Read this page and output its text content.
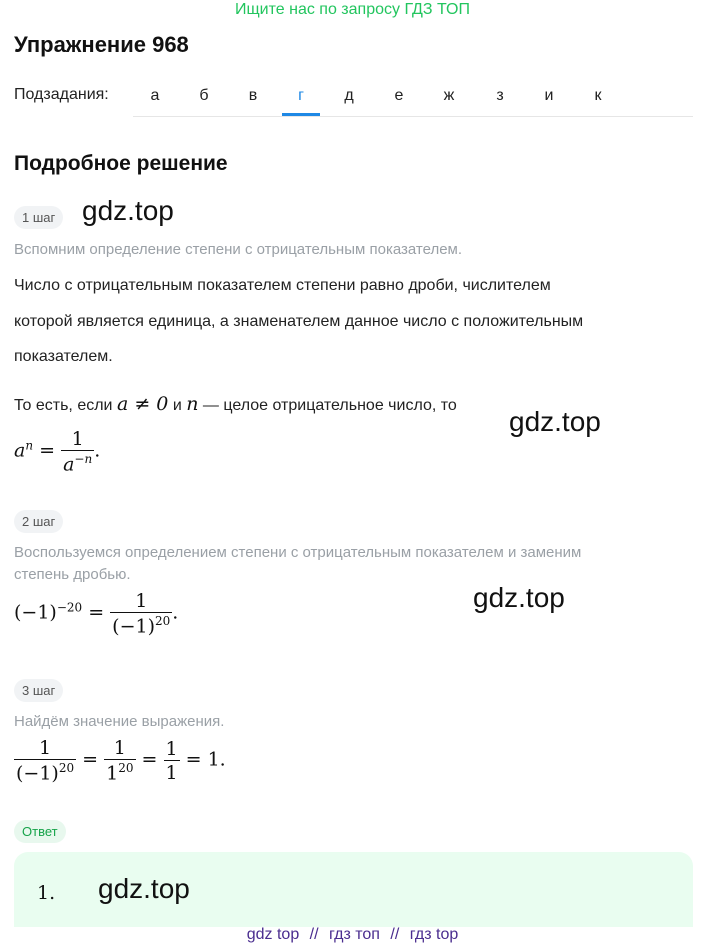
Ищите нас по запросу ГДЗ ТОП
Упражнение 968
Подзадания:	а	б	в	г	д	е	ж	з	и	к
Подробное решение
1 шаг gdz.top
Вспомним определение степени с отрицательным показателем.
Число с отрицательным показателем степени равно дроби, числителем
которой является единица, а знаменателем данное число с положительным
показателем.
То есть, если a ≠ 0 и n — целое отрицательное число, то
gdz.top
$a^n = \frac{1}{a^{-n}}$ .
2 шаг
Воспользуемся определением степени с отрицательным показателем и заменим
степень дробью.
gdz.top
$(-1)^{-20} = \frac{1}{(-1)^{20}}$ .
3 шаг
Найдём значение выражения.
$\frac{1}{(-1)^{20}} = \frac{1}{1^{20}} = \frac{1}{1} = 1$.
Ответ
1. gdz.top
gdz top // гдз топ // гдз top
